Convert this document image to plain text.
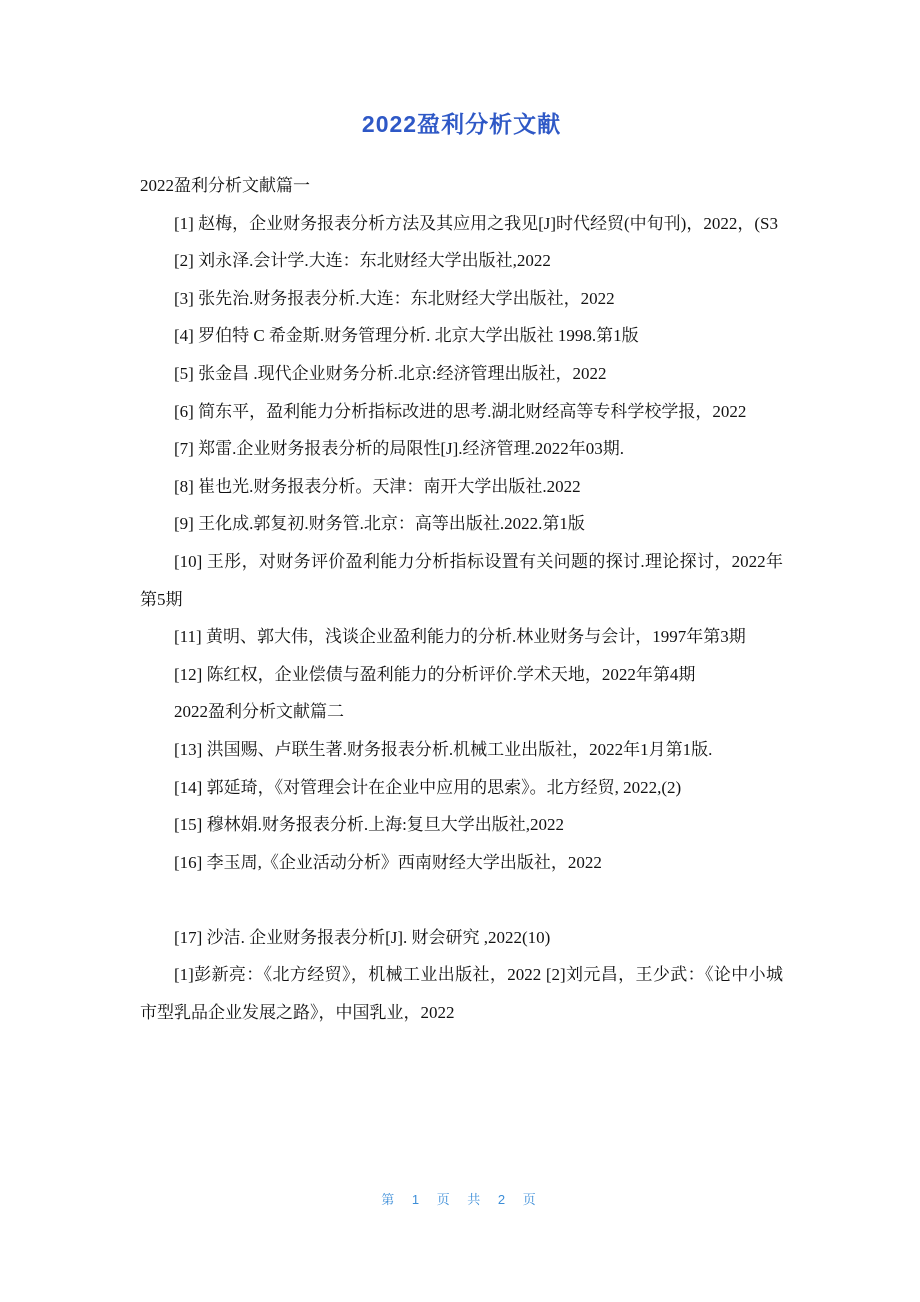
2022盈利分析文献

2022盈利分析文献篇一

[1] 赵梅，企业财务报表分析方法及其应用之我见[J]时代经贸(中旬刊)，2022，(S3

[2] 刘永泽.会计学.大连：东北财经大学出版社,2022

[3] 张先治.财务报表分析.大连：东北财经大学出版社，2022

[4] 罗伯特 C 希金斯.财务管理分析. 北京大学出版社 1998.第1版

[5] 张金昌 .现代企业财务分析.北京:经济管理出版社，2022

[6] 简东平，盈利能力分析指标改进的思考.湖北财经高等专科学校学报，2022

[7] 郑雷.企业财务报表分析的局限性[J].经济管理.2022年03期.

[8] 崔也光.财务报表分析。天津：南开大学出版社.2022

[9] 王化成.郭复初.财务管.北京：高等出版社.2022.第1版

[10] 王彤，对财务评价盈利能力分析指标设置有关问题的探讨.理论探讨，2022年第5期

[11] 黄明、郭大伟，浅谈企业盈利能力的分析.林业财务与会计，1997年第3期

[12] 陈红权，企业偿债与盈利能力的分析评价.学术天地，2022年第4期

2022盈利分析文献篇二

[13] 洪国赐、卢联生著.财务报表分析.机械工业出版社，2022年1月第1版.

[14] 郭延琦，《对管理会计在企业中应用的思索》。北方经贸, 2022,(2)

[15] 穆林娟.财务报表分析.上海:复旦大学出版社,2022

[16] 李玉周,《企业活动分析》西南财经大学出版社，2022

[17] 沙洁. 企业财务报表分析[J]. 财会研究 ,2022(10)

[1]彭新亮：《北方经贸》，机械工业出版社，2022 [2]刘元昌，王少武：《论中小城市型乳品企业发展之路》，中国乳业，2022

第 1 页 共 2 页
